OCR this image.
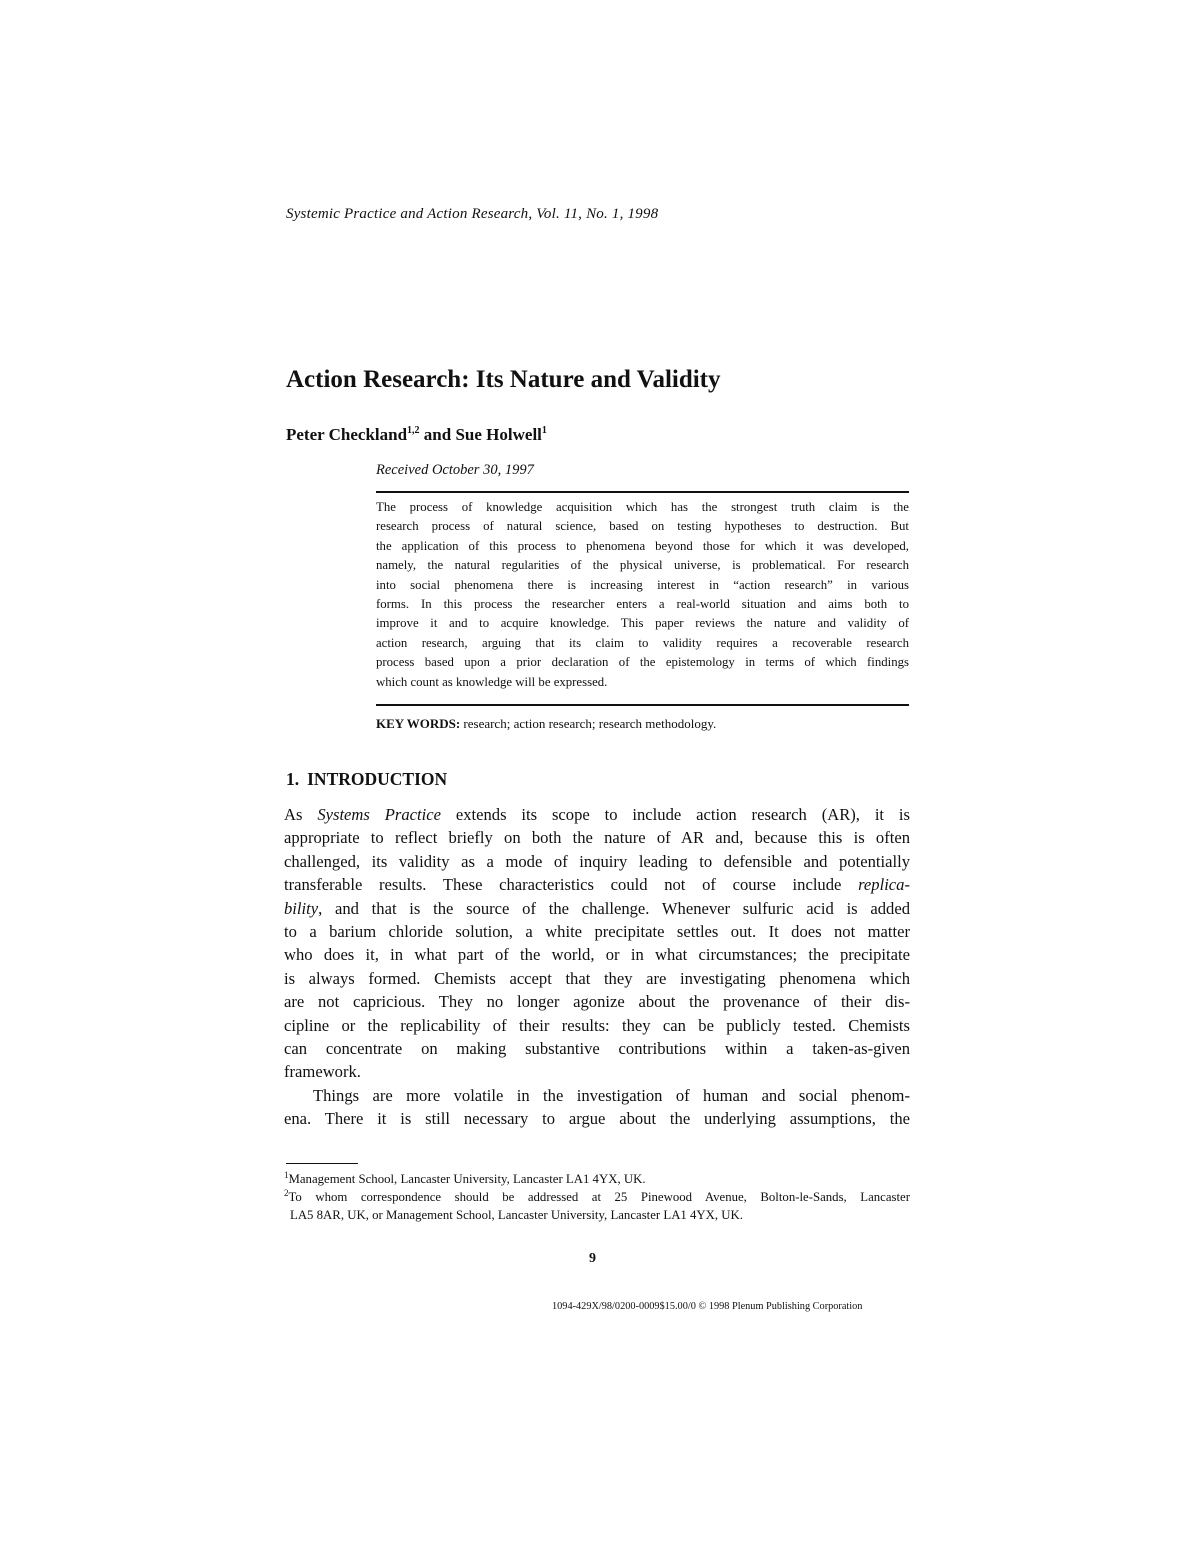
Systemic Practice and Action Research, Vol. 11, No. 1, 1998
Action Research: Its Nature and Validity
Peter Checkland$^{1,2}$ and Sue Holwell$^1$
Received October 30, 1997
The process of knowledge acquisition which has the strongest truth claim is the
research process of natural science, based on testing hypotheses to destruction. But
the application of this process to phenomena beyond those for which it was developed,
namely, the natural regularities of the physical universe, is problematical. For research
into social phenomena there is increasing interest in “action research” in various
forms. In this process the researcher enters a real-world situation and aims both to
improve it and to acquire knowledge. This paper reviews the nature and validity of
action research, arguing that its claim to validity requires a recoverable research
process based upon a prior declaration of the epistemology in terms of which findings
which count as knowledge will be expressed.
KEY WORDS: research; action research; research methodology.
1. INTRODUCTION
As Systems Practice extends its scope to include action research (AR), it is
appropriate to reflect briefly on both the nature of AR and, because this is often
challenged, its validity as a mode of inquiry leading to defensible and potentially
transferable results. These characteristics could not of course include replica-
bility, and that is the source of the challenge. Whenever sulfuric acid is added
to a barium chloride solution, a white precipitate settles out. It does not matter
who does it, in what part of the world, or in what circumstances; the precipitate
is always formed. Chemists accept that they are investigating phenomena which
are not capricious. They no longer agonize about the provenance of their dis-
cipline or the replicability of their results: they can be publicly tested. Chemists
can concentrate on making substantive contributions within a taken-as-given
framework.
Things are more volatile in the investigation of human and social phenom-
ena. There it is still necessary to argue about the underlying assumptions, the
$^1$Management School, Lancaster University, Lancaster LA1 4YX, UK.
$^2$To whom correspondence should be addressed at 25 Pinewood Avenue, Bolton-le-Sands, Lancaster
LA5 8AR, UK, or Management School, Lancaster University, Lancaster LA1 4YX, UK.
9
1094-429X/98/0200-0009$15.00/0 © 1998 Plenum Publishing Corporation
